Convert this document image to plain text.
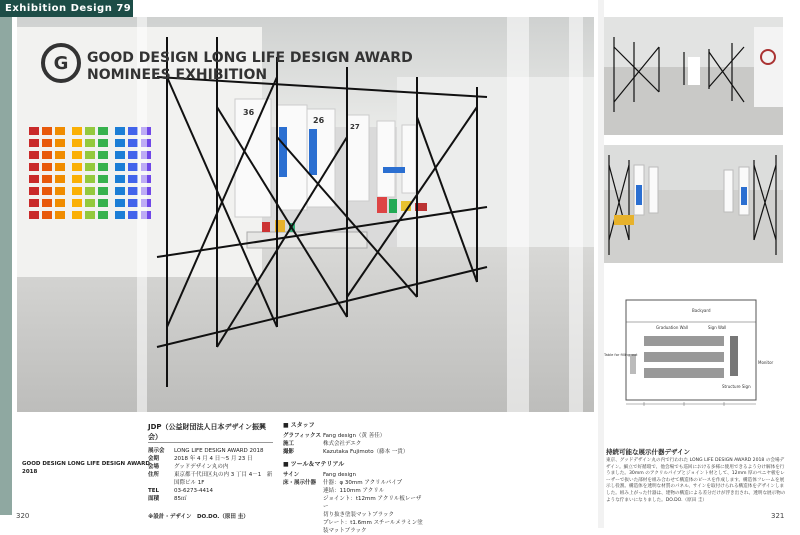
Exhibition Design 79
G GOOD DESIGN LONG LIFE DESIGN AWARD
NOMINEES EXHIBITION
36
26
27
Backyard
Graduation Wall	Sign Wall
Structure
Structure Sign
Monitor
Table for filling out
GOOD DESIGN LONG LIFE DESIGN AWARD 2018
JDP（公益財団法人日本デザイン振興会）
展示会	LONG LIFE DESIGN AWARD 2018
会期	2018 年 4 月 4 日～5 月 23 日
会場	グッドデザイン丸の内
住所	東京都千代田区丸の内 3 丁目 4－1　新国際ビル 1F
TEL	03-6273-4414
面積	85㎡
※設計・デザイン　DO.DO.（原田 圭）
■ スタッフ
グラフィックス Fang design（黄 善佳）
施工	株式会社デエク
撮影	Kazutaka Fujimoto（藤本 一貴）
■ ツール＆マテリアル
サイン	Fang design
床・展示什器	什器：φ 30mm アクリルパイプ
連結：110mm アクリル
ジョイント：t12mm アクリル板レーザー
切り抜き塗装マットブラック
プレート：t1.6mm スチールメラミン塗
装マットブラック
持続可能な展示什器デザイン
東京、グッドデザイン丸の内で行われた LONG LIFE DESIGN AWARD 2018 の会場デザイン。細立で好循環で、他会場でも巡回における多様に使用できるよう分け解体を行うました。30mm のアクリルパイプとジョイント材として、12mm 厚のベニヤ板をレーザーで抜いた部材を組み合わせて構造体のピースを作成します。構造体フレームを展示し役割。構造体を透明な材質のパネル、サインを取付けられる構造体をデザインしました。組み上がった什器は、建物の構造による差分だけが浮き出され、透明な展示物のような佇まいになりました。DO.DO.（原田 圭）
320	321
